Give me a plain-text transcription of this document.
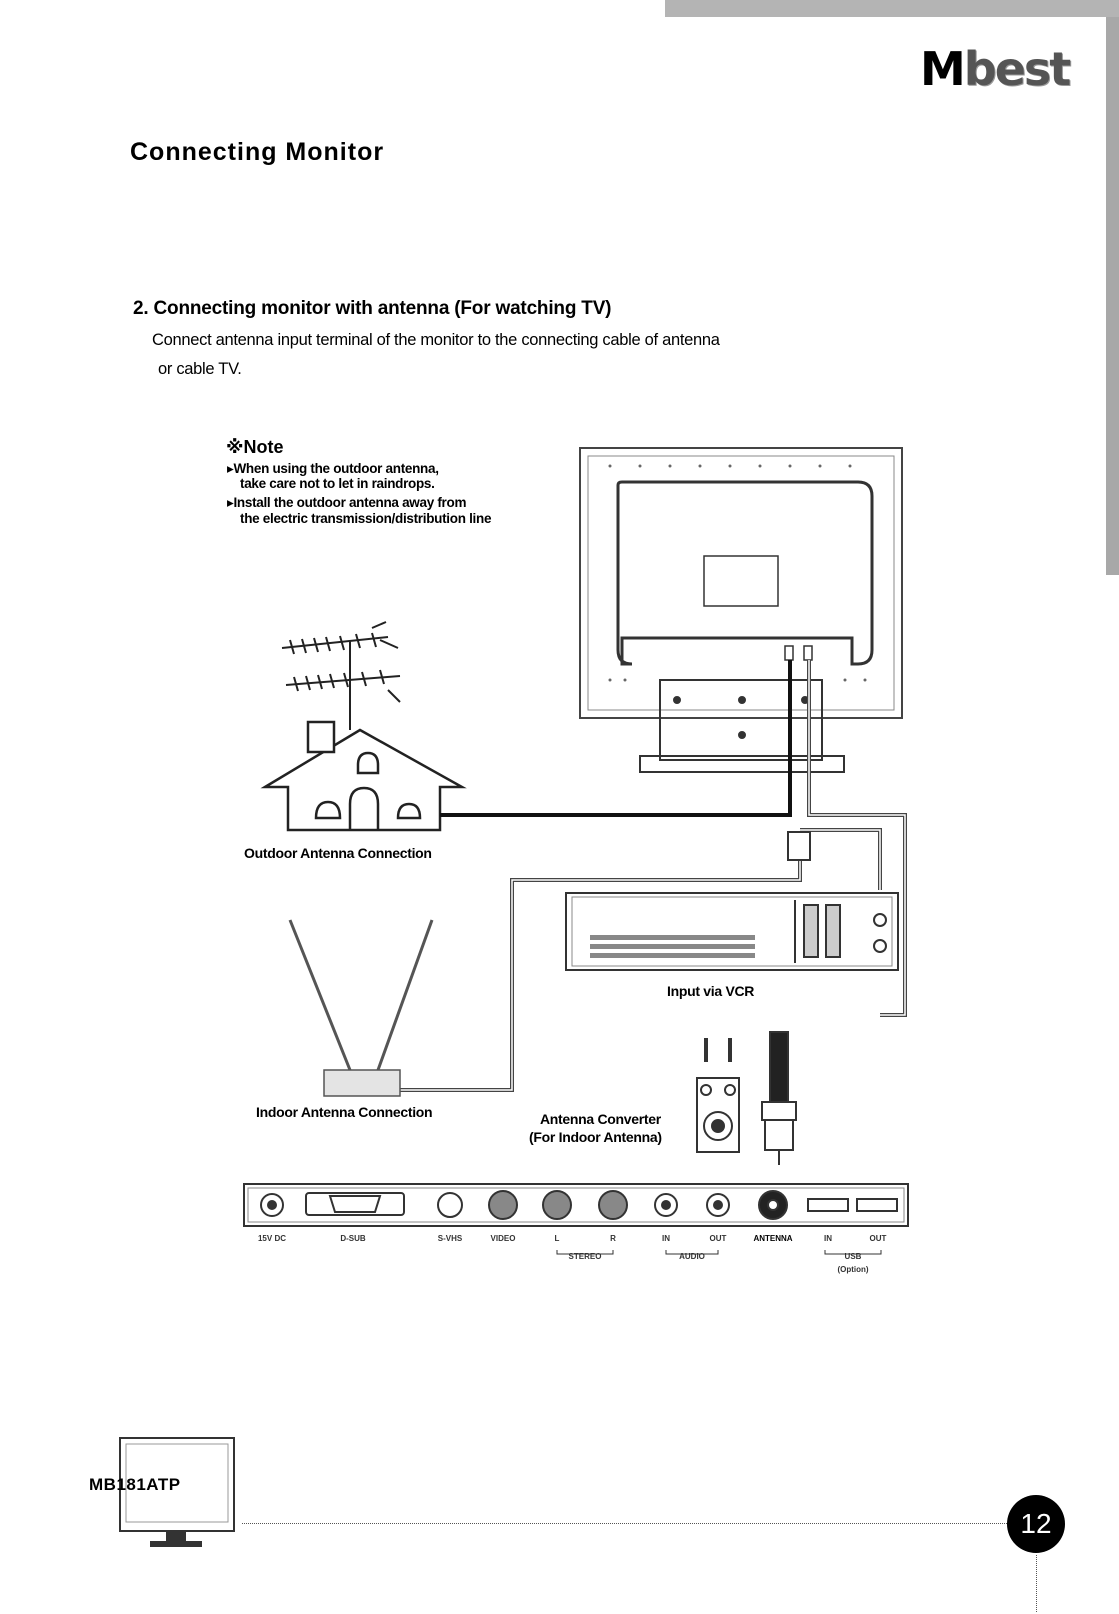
Mbest
Connecting Monitor
2. Connecting monitor with antenna (For watching TV)
Connect antenna input terminal of the monitor to the connecting cable of antenna
or cable TV.
※Note
▸When using the outdoor antenna,
take care not to let in raindrops.
▸Install the outdoor antenna away from
the electric transmission/distribution line
Outdoor Antenna Connection
Input via VCR
Indoor Antenna Connection	Antenna Converter
(For Indoor Antenna)
15V DC	D-SUB	S-VHS	VIDEO	L	R	IN	OUT	ANTENNA	IN	OUT
STEREO	AUDIO	USB
(Option)
MB181ATP
12
